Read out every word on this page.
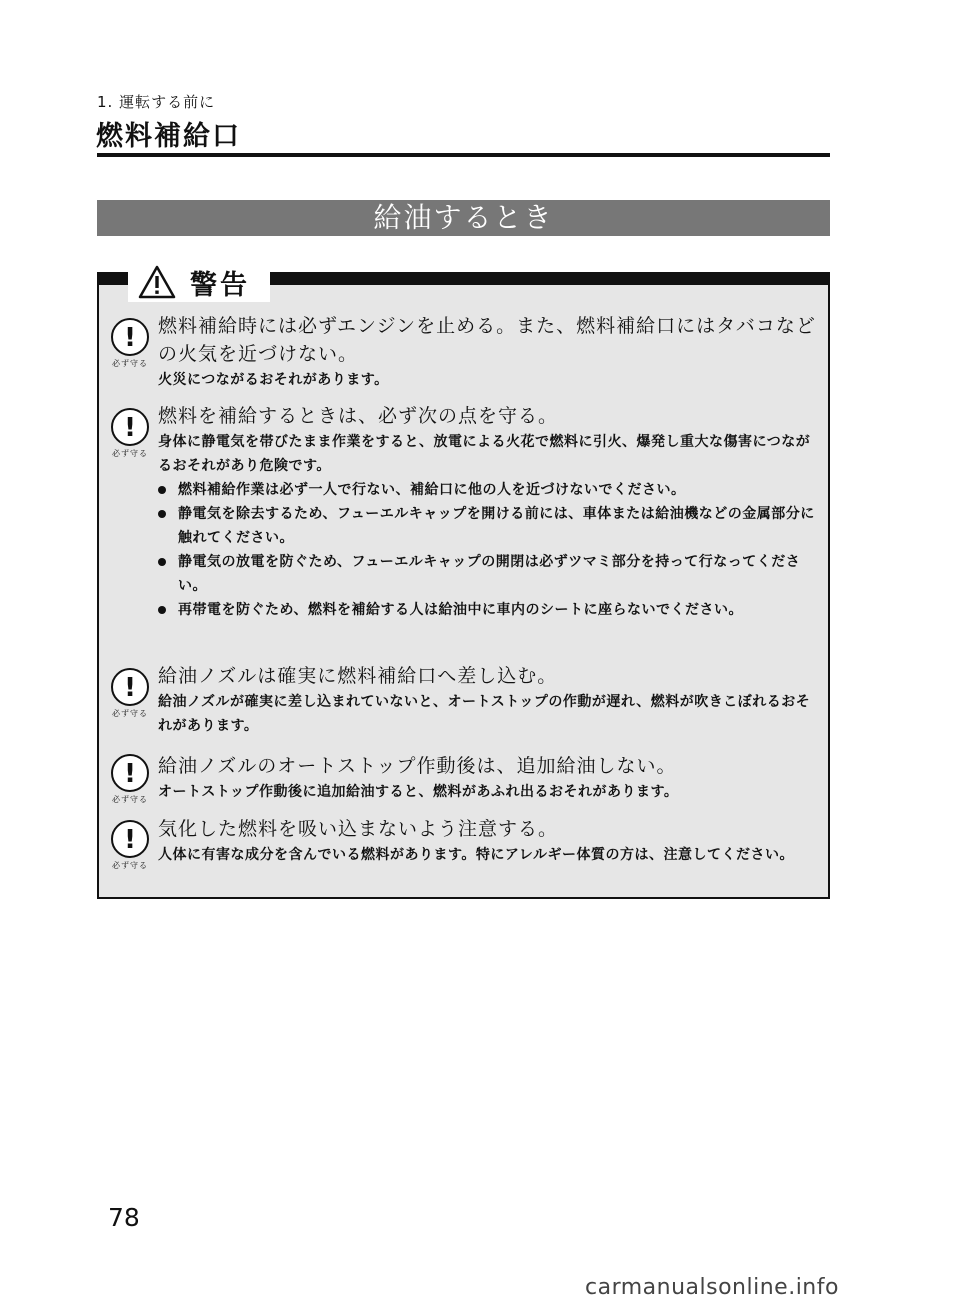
1. 運転する前に
燃料補給口
給油するとき
警告
!
必ず守る
燃料補給時には必ずエンジンを止める。また、燃料補給口にはタバコなどの火気を近づけない。
火災につながるおそれがあります。
!
必ず守る
燃料を補給するときは、必ず次の点を守る。
身体に静電気を帯びたまま作業をすると、放電による火花で燃料に引火、爆発し重大な傷害につながるおそれがあり危険です。
燃料補給作業は必ず一人で行ない、補給口に他の人を近づけないでください。
静電気を除去するため、フューエルキャップを開ける前には、車体または給油機などの金属部分に触れてください。
静電気の放電を防ぐため、フューエルキャップの開閉は必ずツマミ部分を持って行なってください。
再帯電を防ぐため、燃料を補給する人は給油中に車内のシートに座らないでください。
!
必ず守る
給油ノズルは確実に燃料補給口へ差し込む。
給油ノズルが確実に差し込まれていないと、オートストップの作動が遅れ、燃料が吹きこぼれるおそれがあります。
!
必ず守る
給油ノズルのオートストップ作動後は、追加給油しない。
オートストップ作動後に追加給油すると、燃料があふれ出るおそれがあります。
!
必ず守る
気化した燃料を吸い込まないよう注意する。
人体に有害な成分を含んでいる燃料があります。特にアレルギー体質の方は、注意してください。
78
carmanualsonline.info
